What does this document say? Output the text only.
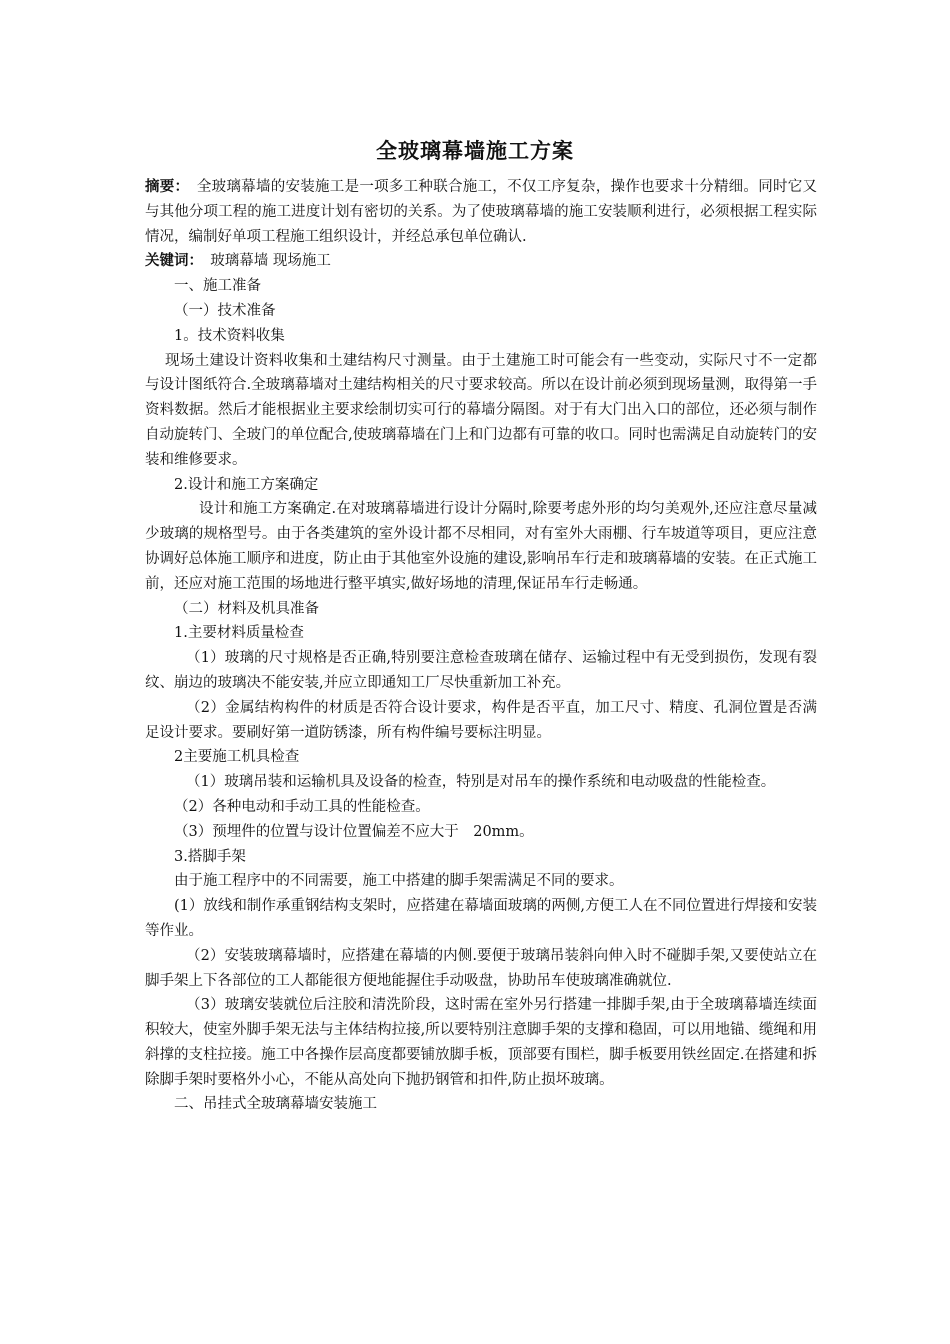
全玻璃幕墙施工方案

摘要：　全玻璃幕墙的安装施工是一项多工种联合施工，不仅工序复杂，操作也要求十分精细。同时它又与其他分项工程的施工进度计划有密切的关系。为了使玻璃幕墙的施工安装顺利进行，必须根据工程实际情况，编制好单项工程施工组织设计，并经总承包单位确认.

关键词：　玻璃幕墙 现场施工

一、施工准备

（一）技术准备

1。技术资料收集

现场土建设计资料收集和土建结构尺寸测量。由于土建施工时可能会有一些变动，实际尺寸不一定都与设计图纸符合.全玻璃幕墙对土建结构相关的尺寸要求较高。所以在设计前必须到现场量测，取得第一手资料数据。然后才能根据业主要求绘制切实可行的幕墙分隔图。对于有大门出入口的部位，还必须与制作自动旋转门、全玻门的单位配合,使玻璃幕墙在门上和门边都有可靠的收口。同时也需满足自动旋转门的安装和维修要求。

2.设计和施工方案确定

设计和施工方案确定.在对玻璃幕墙进行设计分隔时,除要考虑外形的均匀美观外,还应注意尽量减少玻璃的规格型号。由于各类建筑的室外设计都不尽相同，对有室外大雨棚、行车坡道等项目，更应注意协调好总体施工顺序和进度，防止由于其他室外设施的建设,影响吊车行走和玻璃幕墙的安装。在正式施工前，还应对施工范围的场地进行整平填实,做好场地的清理,保证吊车行走畅通。

（二）材料及机具准备

1.主要材料质量检查

（1）玻璃的尺寸规格是否正确,特别要注意检查玻璃在储存、运输过程中有无受到损伤，发现有裂纹、崩边的玻璃决不能安装,并应立即通知工厂尽快重新加工补充。

（2）金属结构构件的材质是否符合设计要求，构件是否平直，加工尺寸、精度、孔洞位置是否满足设计要求。要刷好第一道防锈漆，所有构件编号要标注明显。

2主要施工机具检查

（1）玻璃吊装和运输机具及设备的检查，特别是对吊车的操作系统和电动吸盘的性能检查。

（2）各种电动和手动工具的性能检查。

（3）预埋件的位置与设计位置偏差不应大于　20mm。

3.搭脚手架

由于施工程序中的不同需要，施工中搭建的脚手架需满足不同的要求。

(1）放线和制作承重钢结构支架时，应搭建在幕墙面玻璃的两侧,方便工人在不同位置进行焊接和安装等作业。

（2）安装玻璃幕墙时，应搭建在幕墙的内侧.要便于玻璃吊装斜向伸入时不碰脚手架,又要使站立在脚手架上下各部位的工人都能很方便地能握住手动吸盘，协助吊车使玻璃准确就位.

（3）玻璃安装就位后注胶和清洗阶段，这时需在室外另行搭建一排脚手架,由于全玻璃幕墙连续面积较大，使室外脚手架无法与主体结构拉接,所以要特别注意脚手架的支撑和稳固，可以用地锚、缆绳和用斜撑的支柱拉接。施工中各操作层高度都要铺放脚手板，顶部要有围栏，脚手板要用铁丝固定.在搭建和拆除脚手架时要格外小心，不能从高处向下抛扔钢管和扣件,防止损坏玻璃。

二、吊挂式全玻璃幕墙安装施工
